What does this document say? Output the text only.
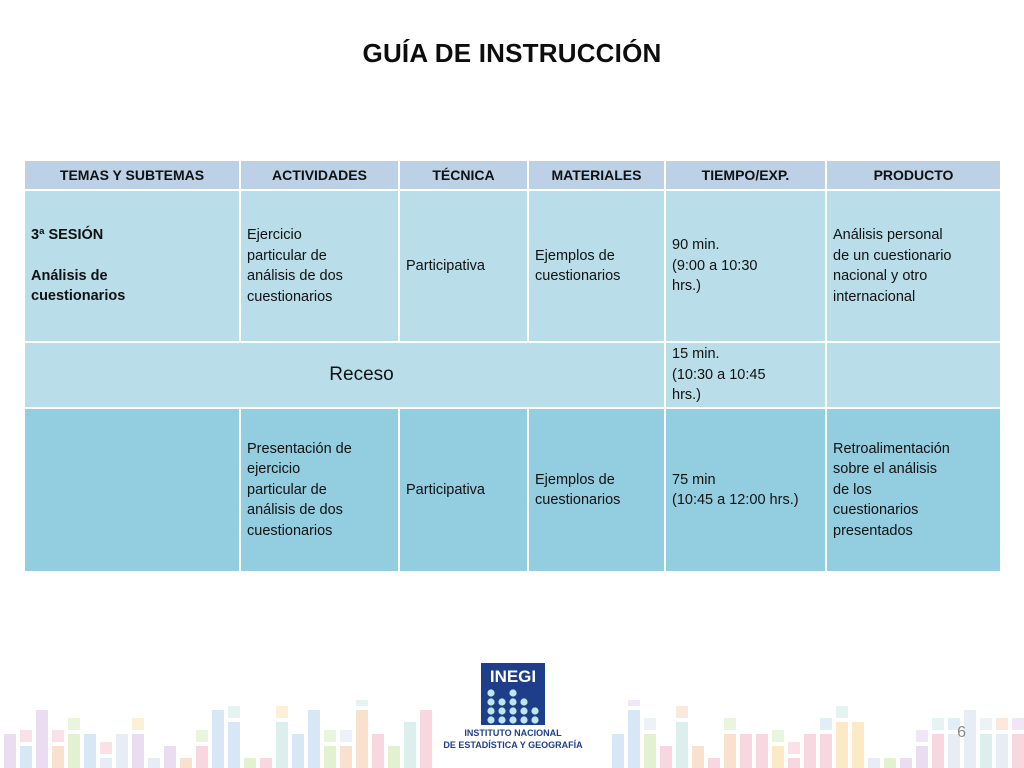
GUÍA DE INSTRUCCIÓN
TEMAS Y SUBTEMAS	ACTIVIDADES	TÉCNICA	MATERIALES	TIEMPO/EXP.	PRODUCTO

3ª SESIÓN
Análisis de
cuestionarios	Ejercicio
particular de
análisis de dos
cuestionarios	Participativa	Ejemplos de
cuestionarios	90 min.
(9:00 a 10:30
hrs.)	Análisis personal
de un cuestionario
nacional y otro
internacional

Receso				15 min.
(10:30 a 10:45
hrs.)	

	Presentación de
ejercicio
particular de
análisis de dos
cuestionarios	Participativa	Ejemplos de
cuestionarios	75 min
(10:45 a 12:00 hrs.)	Retroalimentación
sobre el análisis
de los
cuestionarios
presentados
INEGI
INSTITUTO NACIONAL
DE ESTADÍSTICA Y GEOGRAFÍA
6
